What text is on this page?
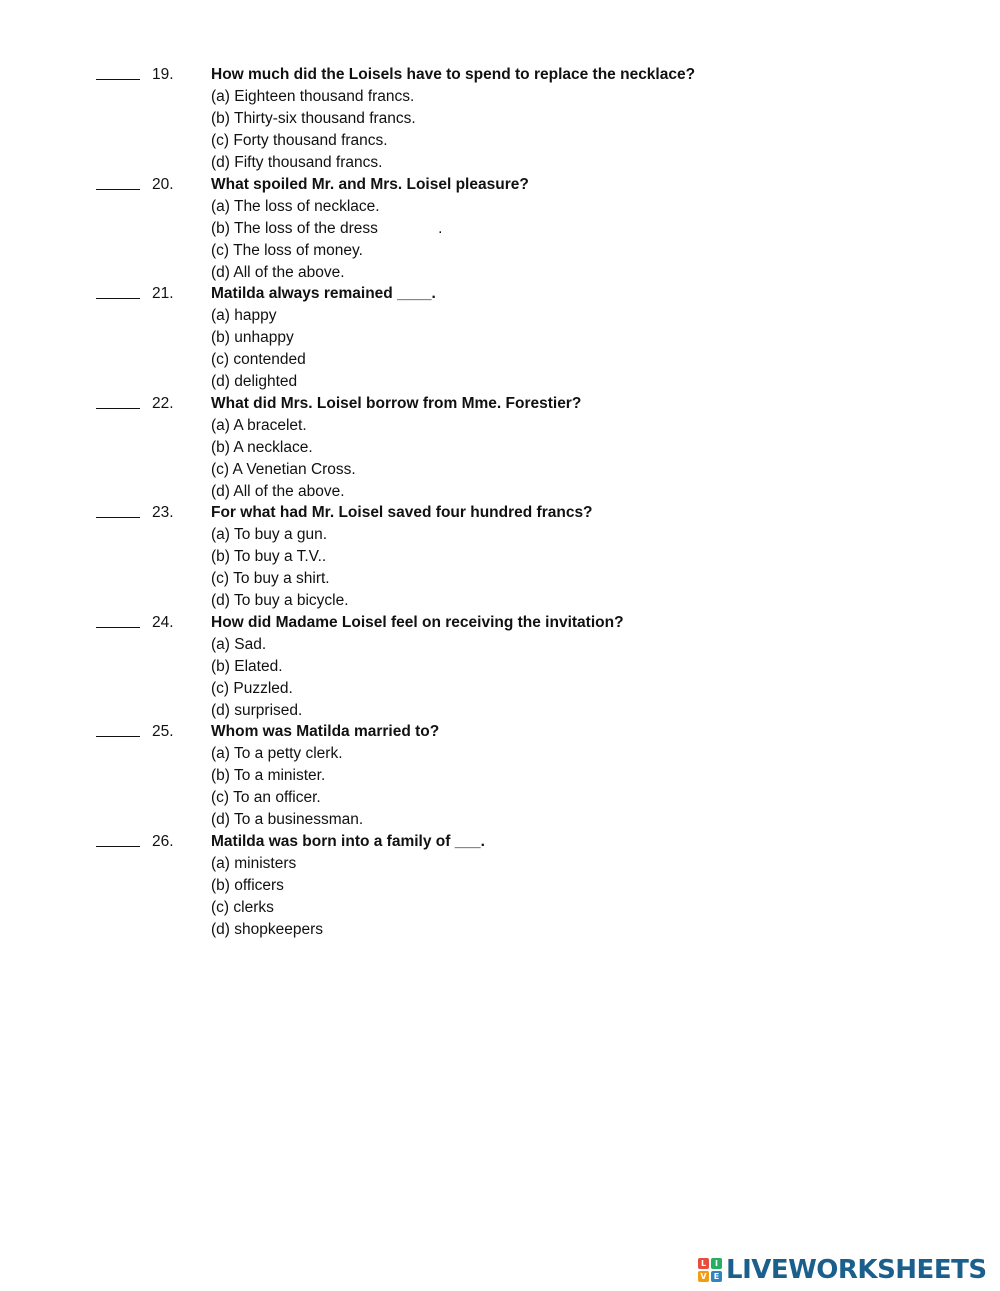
19. How much did the Loisels have to spend to replace the necklace?
(a) Eighteen thousand francs.
(b) Thirty-six thousand francs.
(c) Forty thousand francs.
(d) Fifty thousand francs.
20. What spoiled Mr. and Mrs. Loisel pleasure?
(a) The loss of necklace.
(b) The loss of the dress              .
(c) The loss of money.
(d) All of the above.
21. Matilda always remained ____.
(a) happy
(b) unhappy
(c) contended
(d) delighted
22. What did Mrs. Loisel borrow from Mme. Forestier?
(a) A bracelet.
(b) A necklace.
(c) A Venetian Cross.
(d) All of the above.
23. For what had Mr. Loisel saved four hundred francs?
(a) To buy a gun.
(b) To buy a T.V..
(c) To buy a shirt.
(d) To buy a bicycle.
24. How did Madame Loisel feel on receiving the invitation?
(a) Sad.
(b) Elated.
(c) Puzzled.
(d) surprised.
25. Whom was Matilda married to?
(a) To a petty clerk.
(b) To a minister.
(c) To an officer.
(d) To a businessman.
26. Matilda was born into a family of ___.
(a) ministers
(b) officers
(c) clerks
(d) shopkeepers
L	I
V E LIVEWORKSHEETS
